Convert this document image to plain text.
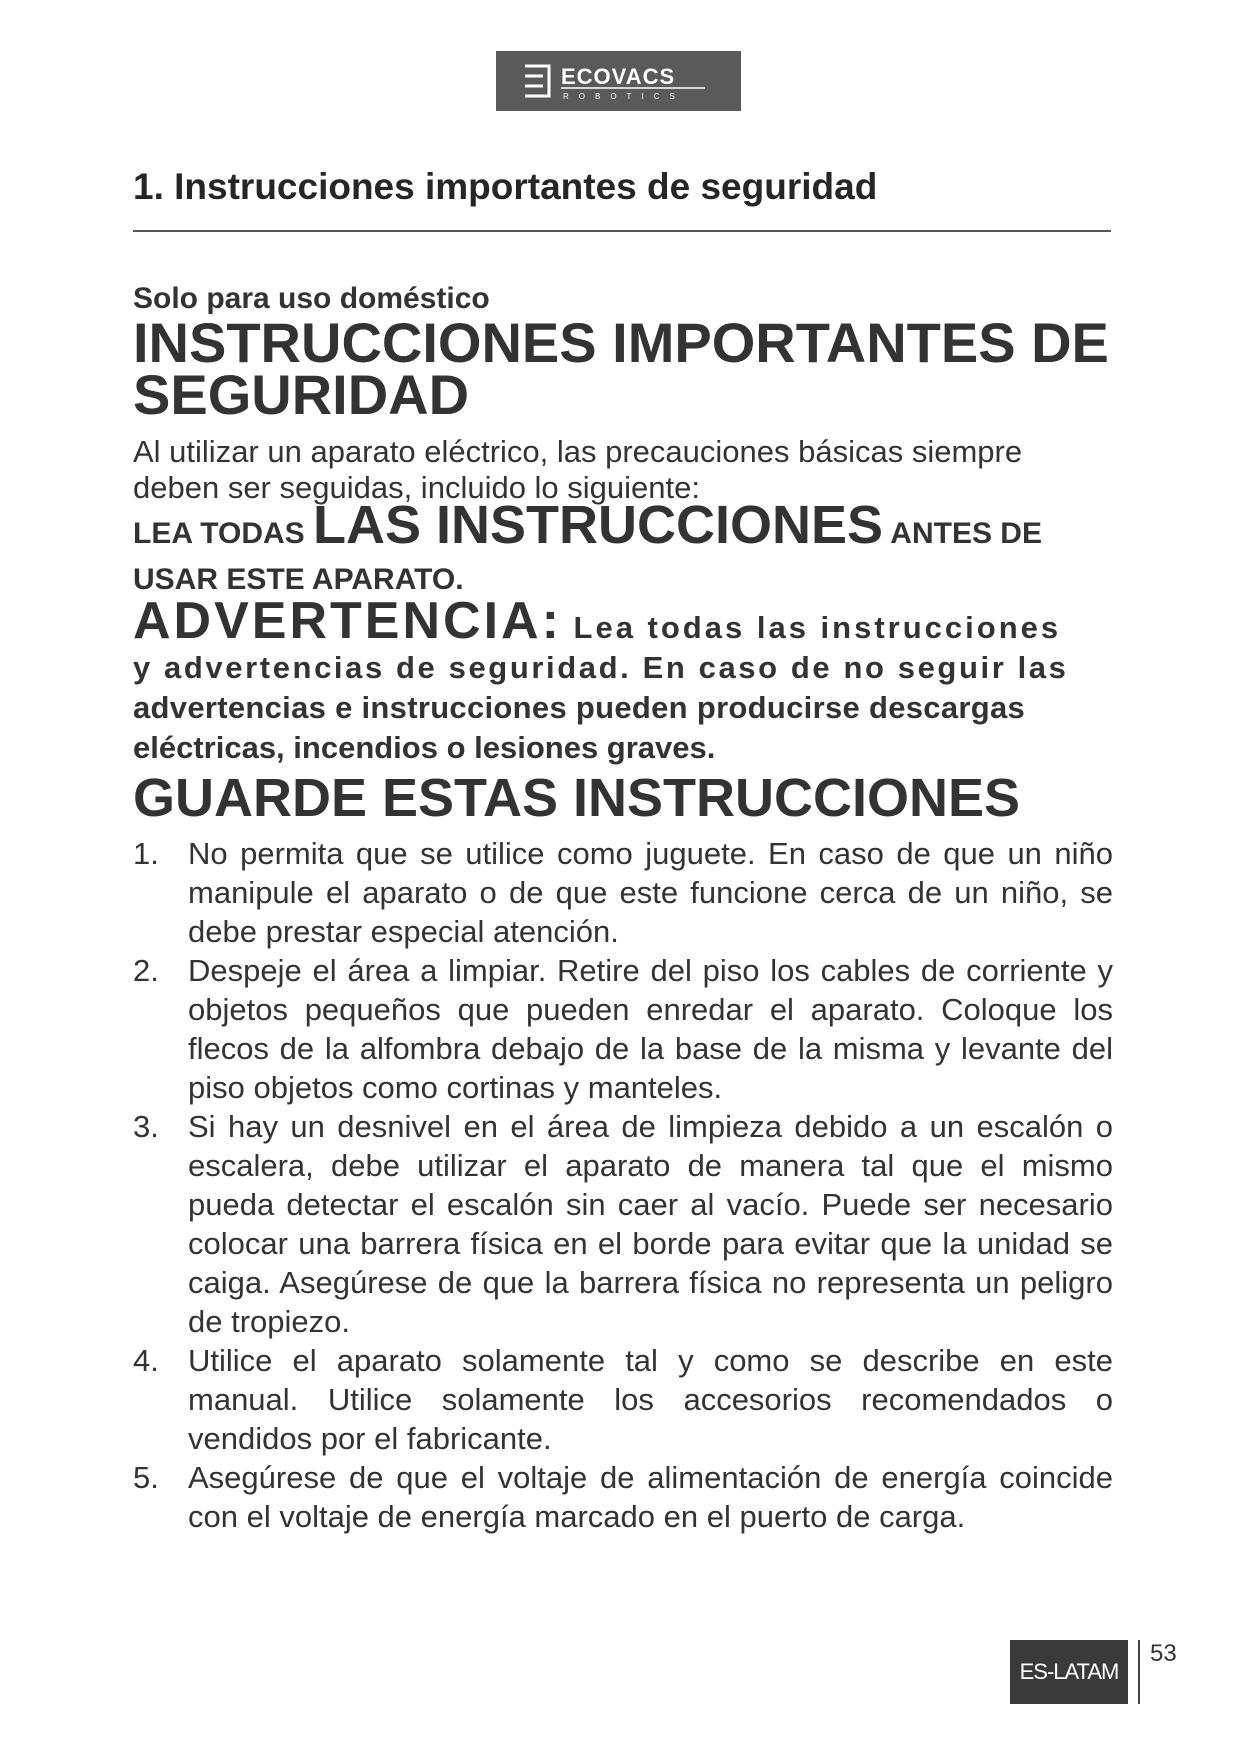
ECOVACS
ROBOTICS
1. Instrucciones importantes de seguridad
Solo para uso doméstico
INSTRUCCIONES IMPORTANTES DE SEGURIDAD
Al utilizar un aparato eléctrico, las precauciones básicas siempre deben ser seguidas, incluido lo siguiente:
LEA TODAS LAS INSTRUCCIONES ANTES DE USAR ESTE APARATO.
ADVERTENCIA: Lea todas las instrucciones
y advertencias de seguridad. En caso de no seguir las
advertencias e instrucciones pueden producirse descargas
eléctricas, incendios o lesiones graves.
GUARDE ESTAS INSTRUCCIONES
1. No permita que se utilice como juguete. En caso de que un niño manipule el aparato o de que este funcione cerca de un niño, se debe prestar especial atención.
2. Despeje el área a limpiar. Retire del piso los cables de corriente y objetos pequeños que pueden enredar el aparato. Coloque los flecos de la alfombra debajo de la base de la misma y levante del piso objetos como cortinas y manteles.
3. Si hay un desnivel en el área de limpieza debido a un escalón o escalera, debe utilizar el aparato de manera tal que el mismo pueda detectar el escalón sin caer al vacío. Puede ser necesario colocar una barrera física en el borde para evitar que la unidad se caiga. Asegúrese de que la barrera física no representa un peligro de tropiezo.
4. Utilice el aparato solamente tal y como se describe en este manual. Utilice solamente los accesorios recomendados o vendidos por el fabricante.
5. Asegúrese de que el voltaje de alimentación de energía coincide con el voltaje de energía marcado en el puerto de carga.
ES-LATAM
53
